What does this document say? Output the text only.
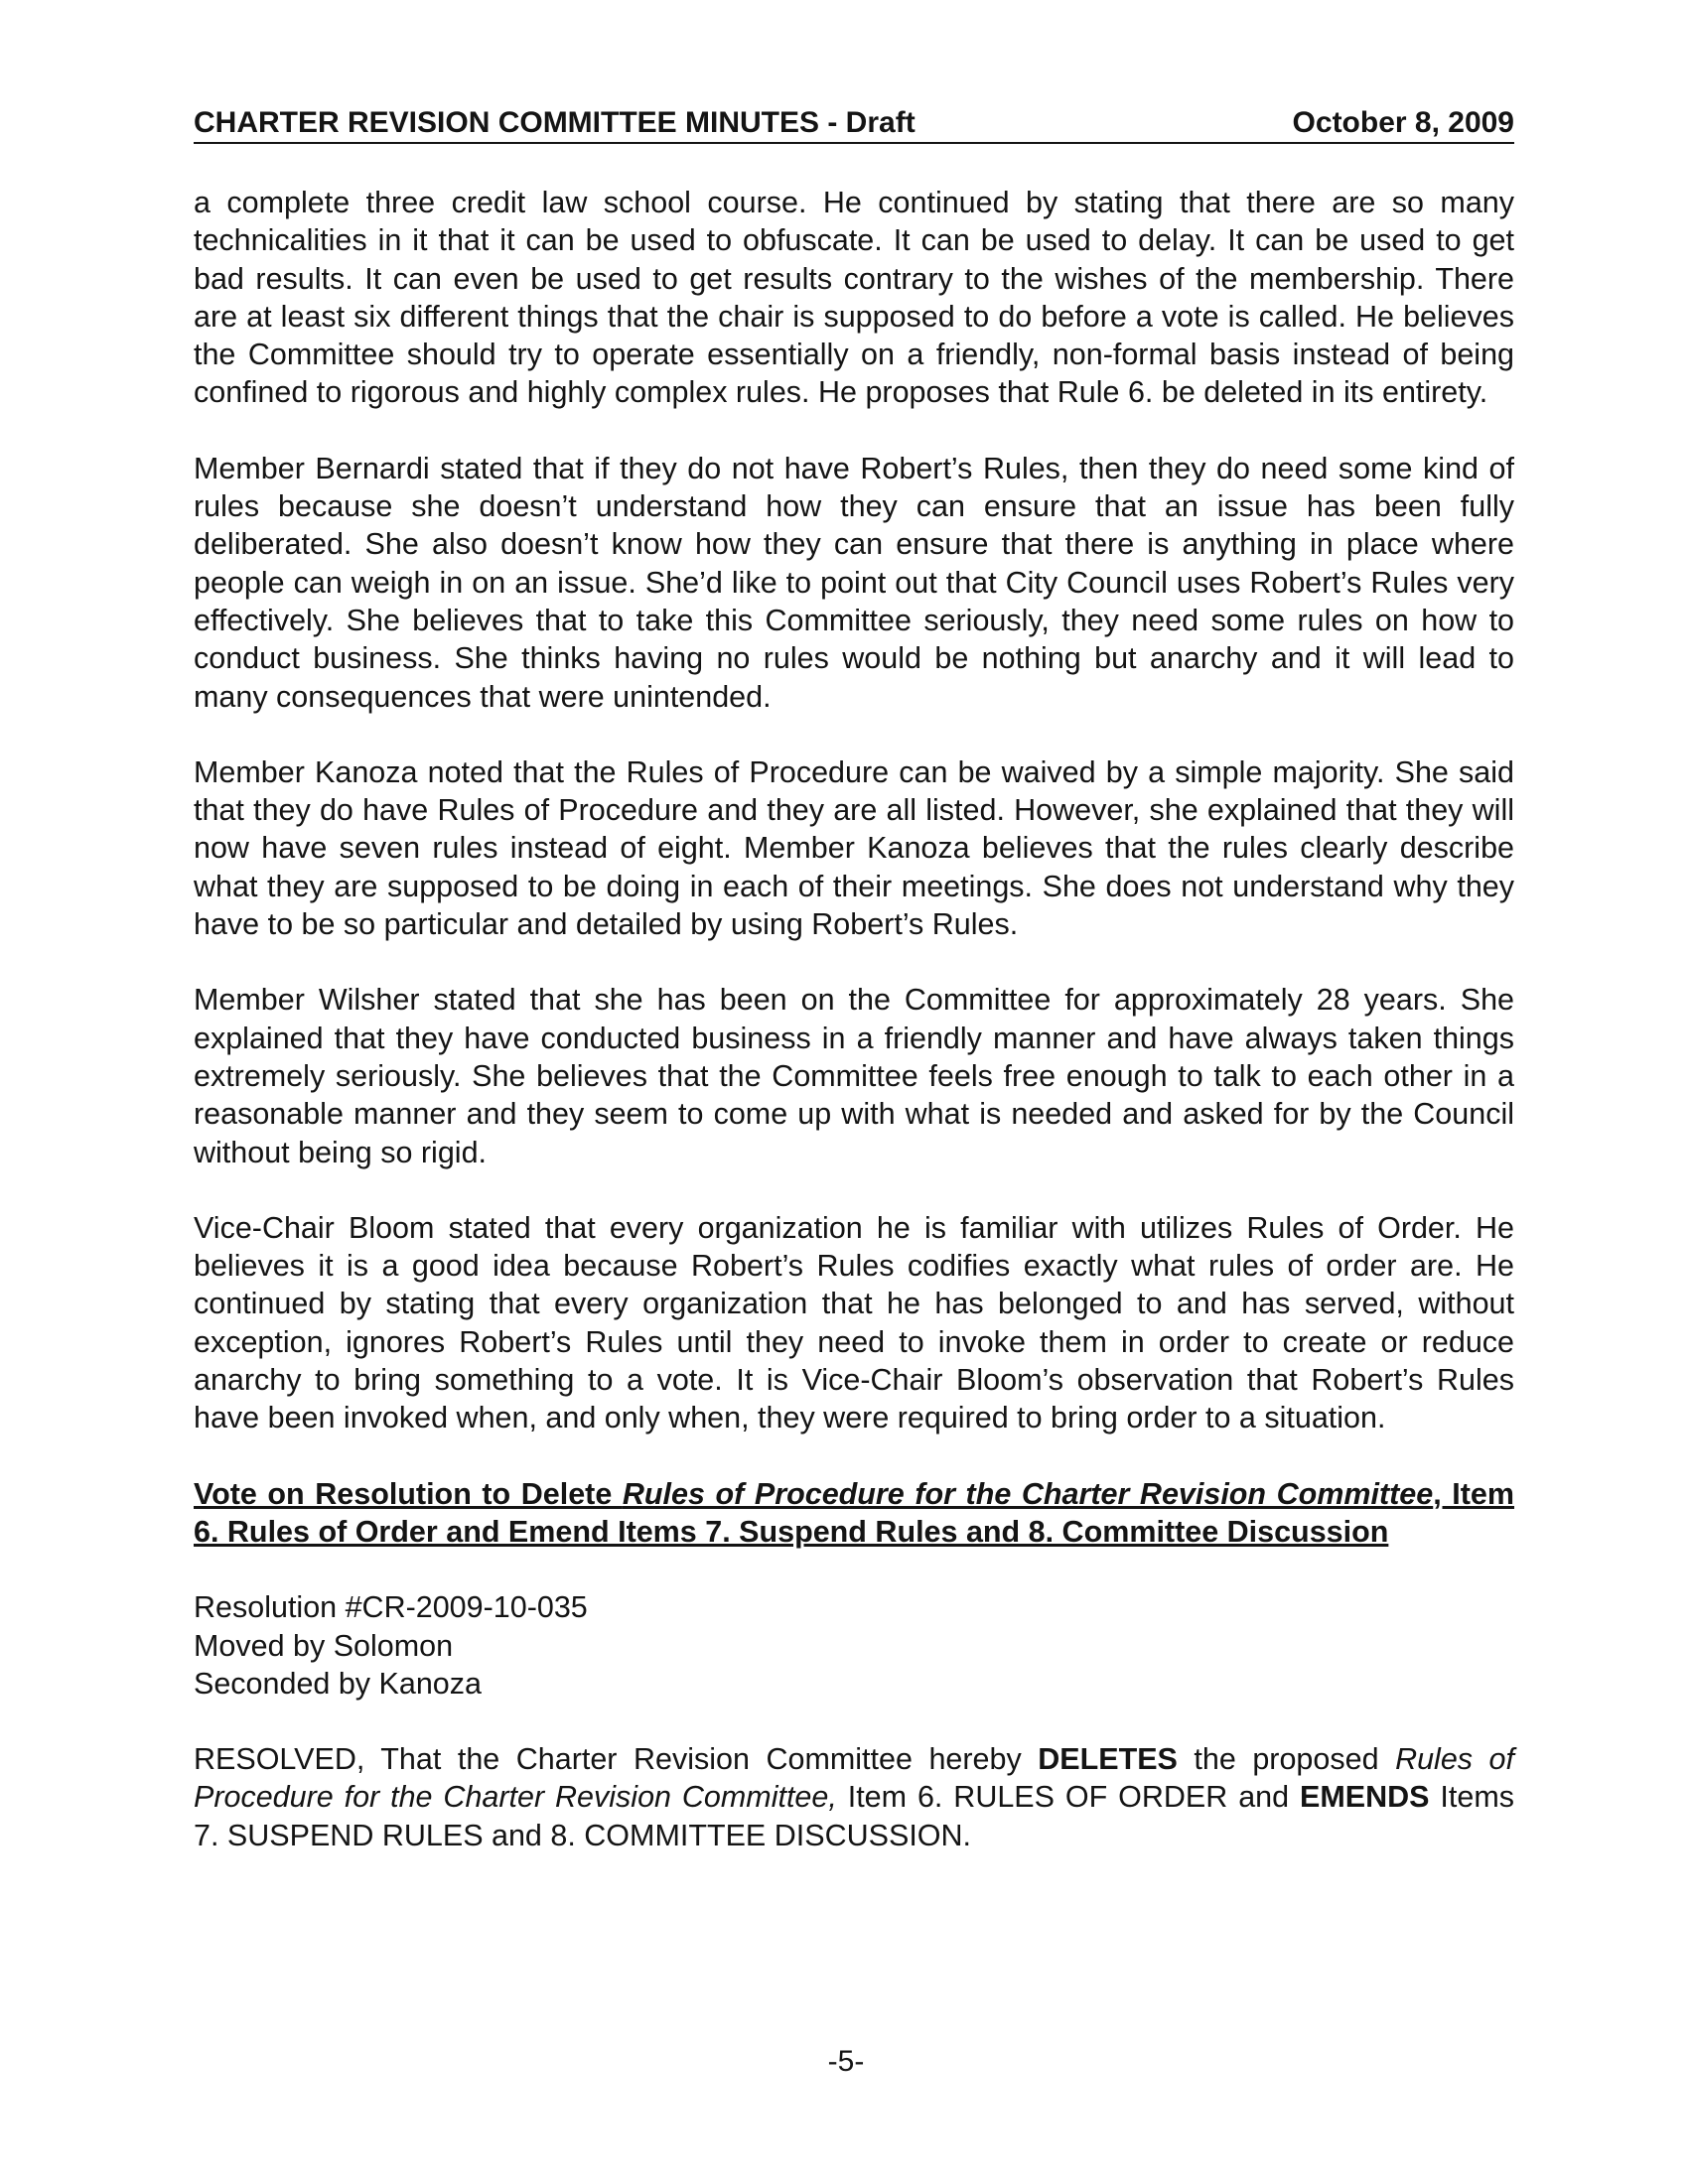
CHARTER REVISION COMMITTEE MINUTES - Draft	October 8, 2009

a complete three credit law school course. He continued by stating that there are so many technicalities in it that it can be used to obfuscate. It can be used to delay. It can be used to get bad results. It can even be used to get results contrary to the wishes of the membership. There are at least six different things that the chair is supposed to do before a vote is called. He believes the Committee should try to operate essentially on a friendly, non-formal basis instead of being confined to rigorous and highly complex rules. He proposes that Rule 6. be deleted in its entirety.

Member Bernardi stated that if they do not have Robert’s Rules, then they do need some kind of rules because she doesn’t understand how they can ensure that an issue has been fully deliberated. She also doesn’t know how they can ensure that there is anything in place where people can weigh in on an issue. She’d like to point out that City Council uses Robert’s Rules very effectively. She believes that to take this Committee seriously, they need some rules on how to conduct business. She thinks having no rules would be nothing but anarchy and it will lead to many consequences that were unintended.

Member Kanoza noted that the Rules of Procedure can be waived by a simple majority. She said that they do have Rules of Procedure and they are all listed. However, she explained that they will now have seven rules instead of eight. Member Kanoza believes that the rules clearly describe what they are supposed to be doing in each of their meetings. She does not understand why they have to be so particular and detailed by using Robert’s Rules.

Member Wilsher stated that she has been on the Committee for approximately 28 years. She explained that they have conducted business in a friendly manner and have always taken things extremely seriously. She believes that the Committee feels free enough to talk to each other in a reasonable manner and they seem to come up with what is needed and asked for by the Council without being so rigid.

Vice-Chair Bloom stated that every organization he is familiar with utilizes Rules of Order. He believes it is a good idea because Robert’s Rules codifies exactly what rules of order are. He continued by stating that every organization that he has belonged to and has served, without exception, ignores Robert’s Rules until they need to invoke them in order to create or reduce anarchy to bring something to a vote. It is Vice-Chair Bloom’s observation that Robert’s Rules have been invoked when, and only when, they were required to bring order to a situation.

Vote on Resolution to Delete Rules of Procedure for the Charter Revision Committee, Item 6. Rules of Order and Emend Items 7. Suspend Rules and 8. Committee Discussion
Resolution #CR-2009-10-035
Moved by Solomon
Seconded by Kanoza

RESOLVED, That the Charter Revision Committee hereby DELETES the proposed Rules of Procedure for the Charter Revision Committee, Item 6. RULES OF ORDER and EMENDS Items 7. SUSPEND RULES and 8. COMMITTEE DISCUSSION.

-5-
